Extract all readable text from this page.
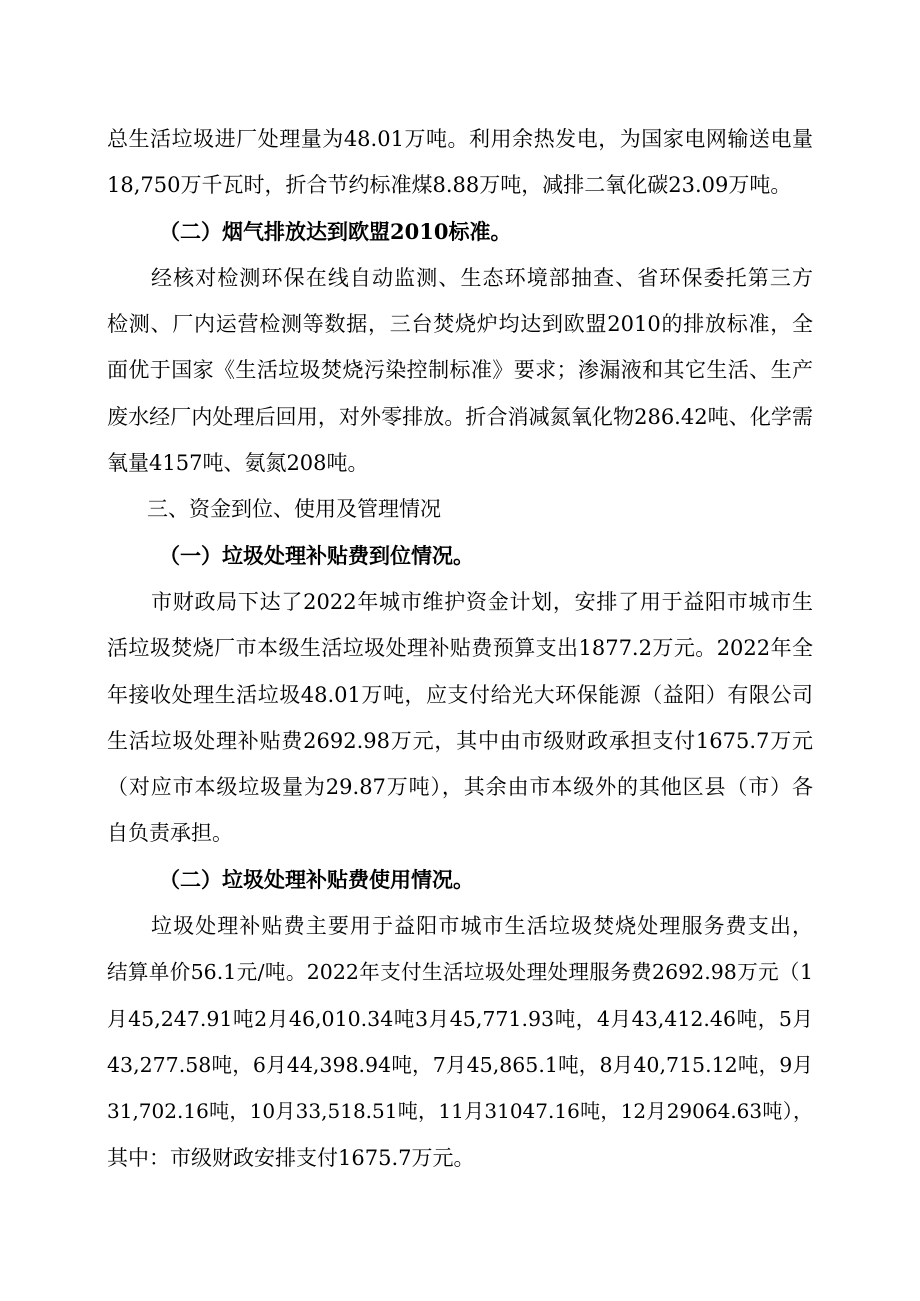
总生活垃圾进厂处理量为48.01万吨。利用余热发电，为国家电网输送电量
18,750万千瓦时，折合节约标准煤8.88万吨，减排二氧化碳23.09万吨。
（二）烟气排放达到欧盟2010标准。
经核对检测环保在线自动监测、生态环境部抽查、省环保委托第三方
检测、厂内运营检测等数据，三台焚烧炉均达到欧盟2010的排放标准，全
面优于国家《生活垃圾焚烧污染控制标准》要求；渗漏液和其它生活、生产
废水经厂内处理后回用，对外零排放。折合消减氮氧化物286.42吨、化学需
氧量4157吨、氨氮208吨。
三、资金到位、使用及管理情况
（一）垃圾处理补贴费到位情况。
市财政局下达了2022年城市维护资金计划，安排了用于益阳市城市生
活垃圾焚烧厂市本级生活垃圾处理补贴费预算支出1877.2万元。2022年全
年接收处理生活垃圾48.01万吨，应支付给光大环保能源（益阳）有限公司
生活垃圾处理补贴费2692.98万元，其中由市级财政承担支付1675.7万元
（对应市本级垃圾量为29.87万吨），其余由市本级外的其他区县（市）各
自负责承担。
（二）垃圾处理补贴费使用情况。
垃圾处理补贴费主要用于益阳市城市生活垃圾焚烧处理服务费支出，
结算单价56.1元/吨。2022年支付生活垃圾处理处理服务费2692.98万元（1
月45,247.91吨2月46,010.34吨3月45,771.93吨，4月43,412.46吨，5月
43,277.58吨，6月44,398.94吨，7月45,865.1吨，8月40,715.12吨，9月
31,702.16吨，10月33,518.51吨，11月31047.16吨，12月29064.63吨），
其中：市级财政安排支付1675.7万元。
